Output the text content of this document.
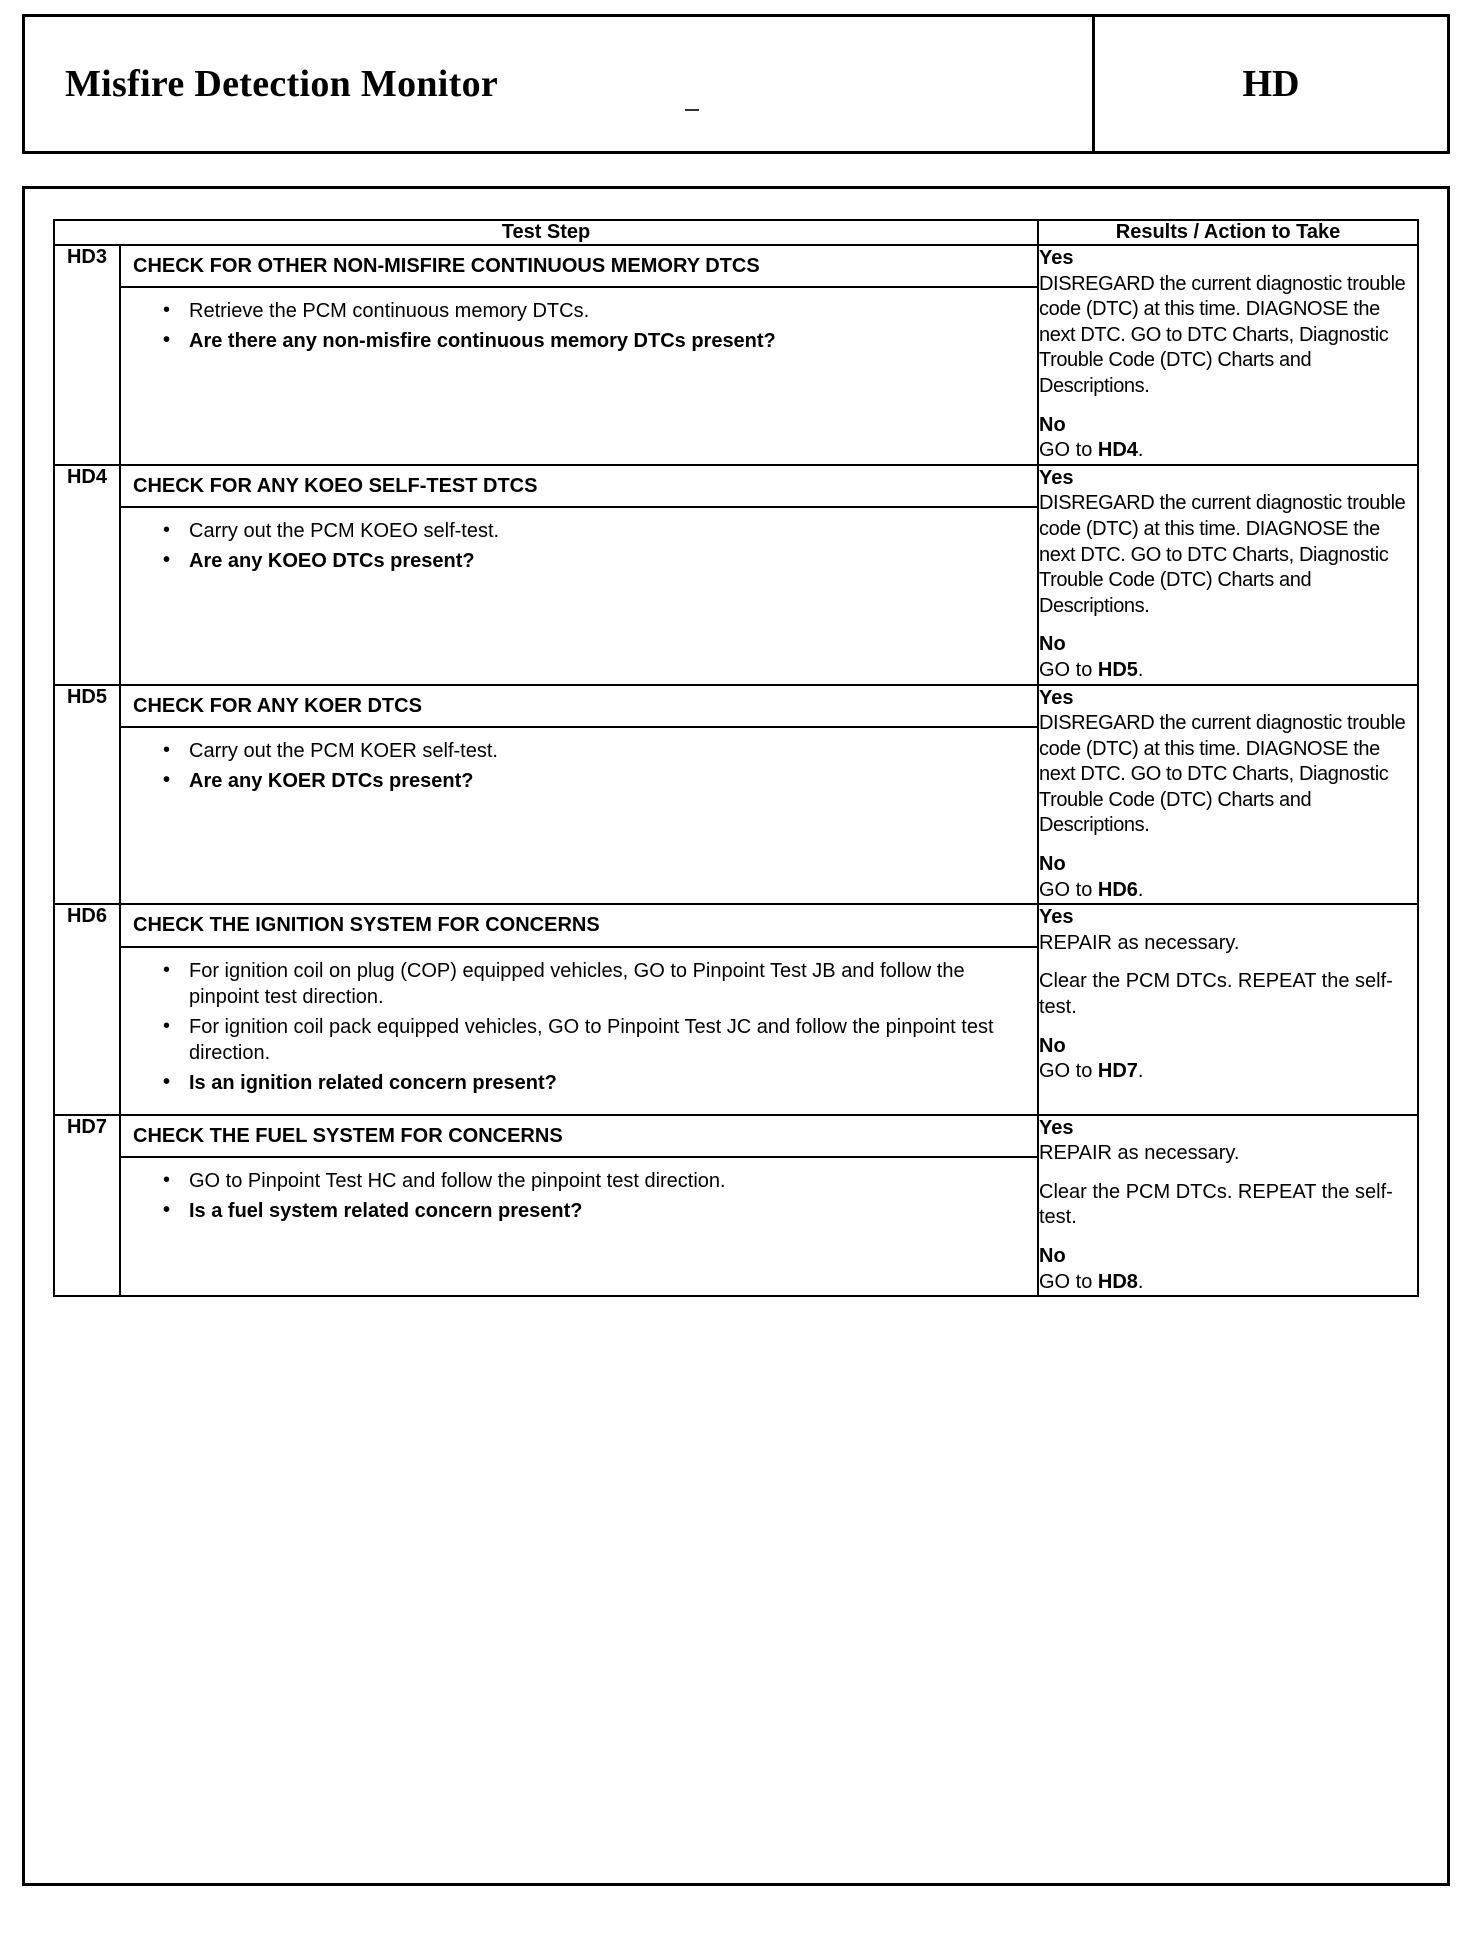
Misfire Detection Monitor	HD
Test Step		Results / Action to Take
HD3	CHECK FOR OTHER NON-MISFIRE CONTINUOUS MEMORY DTCS
• Retrieve the PCM continuous memory DTCs.
• Are there any non-misfire continuous memory DTCs present?

Yes
DISREGARD the current diagnostic trouble code (DTC) at this time. DIAGNOSE the next DTC. GO to DTC Charts, Diagnostic Trouble Code (DTC) Charts and Descriptions.
No
GO to HD4.

HD4	CHECK FOR ANY KOEO SELF-TEST DTCS
• Carry out the PCM KOEO self-test.
• Are any KOEO DTCs present?

Yes
DISREGARD the current diagnostic trouble code (DTC) at this time. DIAGNOSE the next DTC. GO to DTC Charts, Diagnostic Trouble Code (DTC) Charts and Descriptions.
No
GO to HD5.

HD5	CHECK FOR ANY KOER DTCS
• Carry out the PCM KOER self-test.
• Are any KOER DTCs present?

Yes
DISREGARD the current diagnostic trouble code (DTC) at this time. DIAGNOSE the next DTC. GO to DTC Charts, Diagnostic Trouble Code (DTC) Charts and Descriptions.
No
GO to HD6.

HD6	CHECK THE IGNITION SYSTEM FOR CONCERNS
• For ignition coil on plug (COP) equipped vehicles, GO to Pinpoint Test JB and follow the pinpoint test direction.
• For ignition coil pack equipped vehicles, GO to Pinpoint Test JC and follow the pinpoint test direction.
• Is an ignition related concern present?

Yes
REPAIR as necessary.
Clear the PCM DTCs. REPEAT the self-test.
No
GO to HD7.

HD7	CHECK THE FUEL SYSTEM FOR CONCERNS
• GO to Pinpoint Test HC and follow the pinpoint test direction.
• Is a fuel system related concern present?

Yes
REPAIR as necessary.
Clear the PCM DTCs. REPEAT the self-test.
No
GO to HD8.
